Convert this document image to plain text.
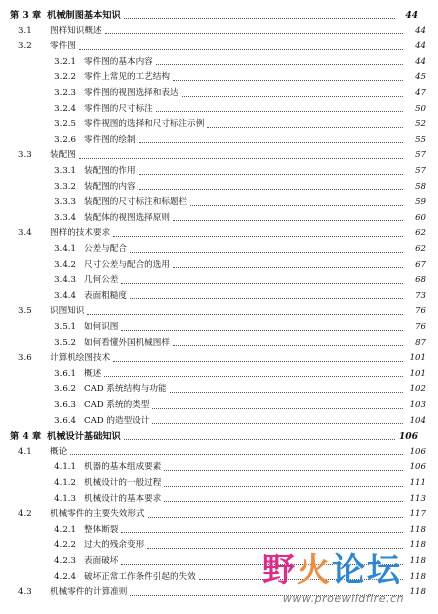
第 3 章 机械制图基本知识	44
3.1	图样知识概述	44
3.2	零件图	44
3.2.1 零件图的基本内容	44
3.2.2 零件上常见的工艺结构	45
3.2.3 零件图的视图选择和表达	47
3.2.4 零件图的尺寸标注	50
3.2.5 零件视图的选择和尺寸标注示例	52
3.2.6 零件图的绘制	55
3.3	装配图	57
3.3.1 装配图的作用	57
3.3.2 装配图的内容	58
3.3.3 装配图的尺寸标注和标题栏	59
3.3.4 装配体的视图选择原则	60
3.4	图样的技术要求	62
3.4.1 公差与配合	62
3.4.2 尺寸公差与配合的选用	67
3.4.3 几何公差	68
3.4.4 表面粗糙度	73
3.5	识图知识	76
3.5.1 如何识图	76
3.5.2 如何看懂外国机械图样	87
3.6	计算机绘图技术	101
3.6.1 概述	101
3.6.2 CAD 系统结构与功能	102
3.6.3 CAD 系统的类型	103
3.6.4 CAD 的造型设计	104
第 4 章 机械设计基础知识	106
4.1	概论	106
4.1.1 机器的基本组成要素	106
4.1.2 机械设计的一般过程	111
4.1.3 机械设计的基本要求	113
4.2	机械零件的主要失效形式	117
4.2.1 整体断裂	118
4.2.2 过大的残余变形	118
4.2.3 表面破坏	118
4.2.4 破坏正常工作条件引起的失效	118
4.3	机械零件的计算准则	118
野火论坛
www.proewildfire.cn
